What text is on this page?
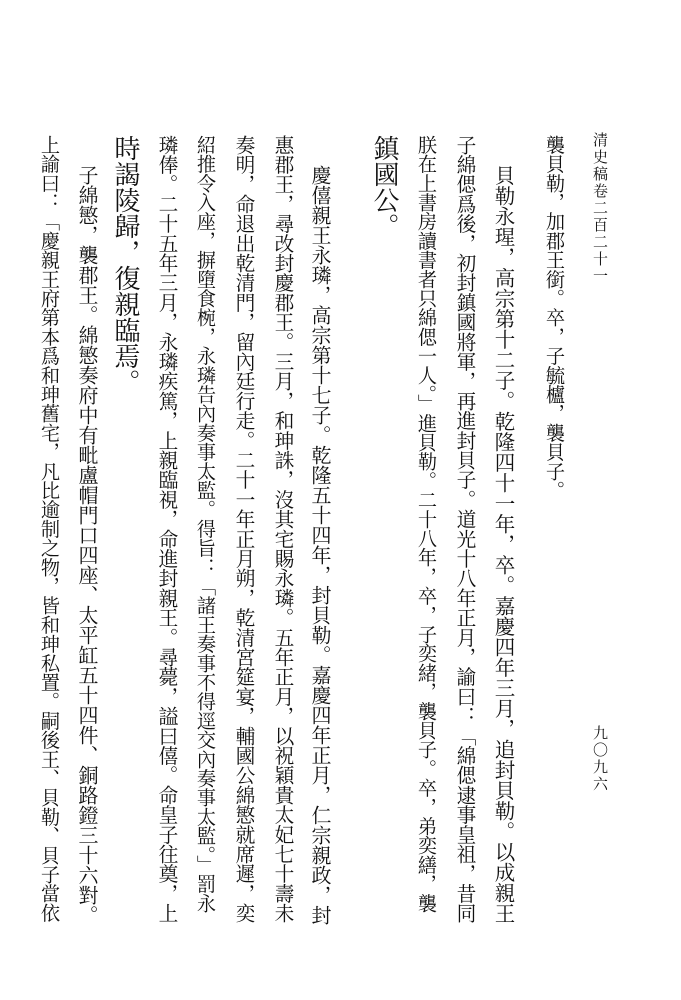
清史稿卷二百二十一
九〇九六
襲貝勒，加郡王銜。卒，子毓櫨，襲貝子。
貝勒永瑆，高宗第十二子。乾隆四十一年，卒。嘉慶四年三月，追封貝勒。以成親王
子綿偲爲後，初封鎮國將軍，再進封貝子。道光十八年正月，諭曰：「綿偲逮事皇祖，昔同
朕在上書房讀書者只綿偲一人。」進貝勒。二十八年，卒，子奕緒，襲貝子。卒，弟奕繕，襲
鎮國公。
慶僖親王永璘，高宗第十七子。乾隆五十四年，封貝勒。嘉慶四年正月，仁宗親政，封
惠郡王，尋改封慶郡王。三月，和珅誅，沒其宅賜永璘。五年正月，以祝穎貴太妃七十壽未
奏明，命退出乾清門，留內廷行走。二十一年正月朔，乾清宮筵宴，輔國公綿慜就席遲，奕
紹推令入座，摒墮食椀，永璘告內奏事太監。得旨：「諸王奏事不得逕交內奏事太監。」罰永
璘俸。二十五年三月，永璘疾篤，上親臨視，命進封親王。尋薨，謚曰僖。命皇子往奠，上
時謁陵歸，復親臨焉。
子綿慜，襲郡王。綿慜奏府中有毗盧帽門口四座、太平缸五十四件、銅路鐙三十六對。
上諭曰：「慶親王府第本爲和珅舊宅，凡比逾制之物，皆和珅私置。嗣後王、貝勒、貝子當依
